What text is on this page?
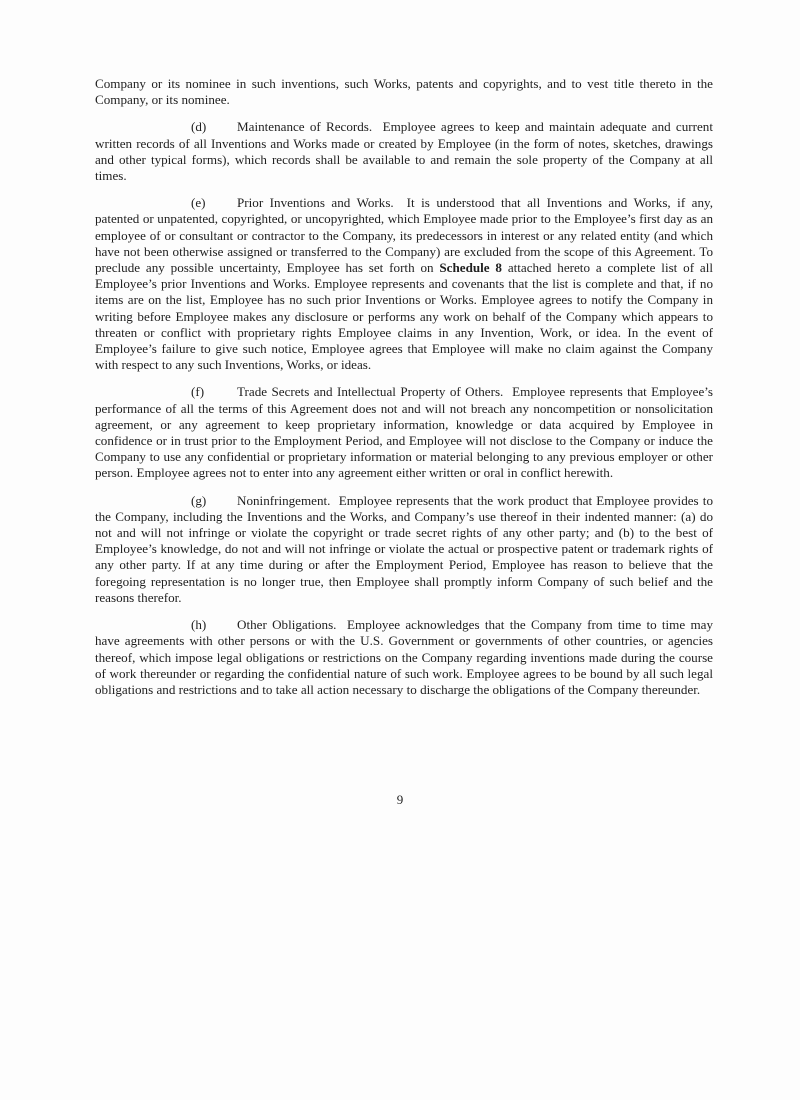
Company or its nominee in such inventions, such Works, patents and copyrights, and to vest title thereto in the Company, or its nominee.

(d) Maintenance of Records. Employee agrees to keep and maintain adequate and current written records of all Inventions and Works made or created by Employee (in the form of notes, sketches, drawings and other typical forms), which records shall be available to and remain the sole property of the Company at all times.

(e) Prior Inventions and Works. It is understood that all Inventions and Works, if any, patented or unpatented, copyrighted, or uncopyrighted, which Employee made prior to the Employee’s first day as an employee of or consultant or contractor to the Company, its predecessors in interest or any related entity (and which have not been otherwise assigned or transferred to the Company) are excluded from the scope of this Agreement. To preclude any possible uncertainty, Employee has set forth on Schedule 8 attached hereto a complete list of all Employee’s prior Inventions and Works. Employee represents and covenants that the list is complete and that, if no items are on the list, Employee has no such prior Inventions or Works. Employee agrees to notify the Company in writing before Employee makes any disclosure or performs any work on behalf of the Company which appears to threaten or conflict with proprietary rights Employee claims in any Invention, Work, or idea. In the event of Employee’s failure to give such notice, Employee agrees that Employee will make no claim against the Company with respect to any such Inventions, Works, or ideas.

(f)	Trade Secrets and Intellectual Property of Others. Employee represents that Employee’s performance of all the terms of this Agreement does not and will not breach any noncompetition or nonsolicitation agreement, or any agreement to keep proprietary information, knowledge or data acquired by Employee in confidence or in trust prior to the Employment Period, and Employee will not disclose to the Company or induce the Company to use any confidential or proprietary information or material belonging to any previous employer or other person. Employee agrees not to enter into any agreement either written or oral in conflict herewith.

(g) Noninfringement. Employee represents that the work product that Employee provides to the Company, including the Inventions and the Works, and Company’s use thereof in their indented manner: (a) do not and will not infringe or violate the copyright or trade secret rights of any other party; and (b) to the best of Employee’s knowledge, do not and will not infringe or violate the actual or prospective patent or trademark rights of any other party. If at any time during or after the Employment Period, Employee has reason to believe that the foregoing representation is no longer true, then Employee shall promptly inform Company of such belief and the reasons therefor.

(h) Other Obligations. Employee acknowledges that the Company from time to time may have agreements with other persons or with the U.S. Government or governments of other countries, or agencies thereof, which impose legal obligations or restrictions on the Company regarding inventions made during the course of work thereunder or regarding the confidential nature of such work. Employee agrees to be bound by all such legal obligations and restrictions and to take all action necessary to discharge the obligations of the Company thereunder.

9
